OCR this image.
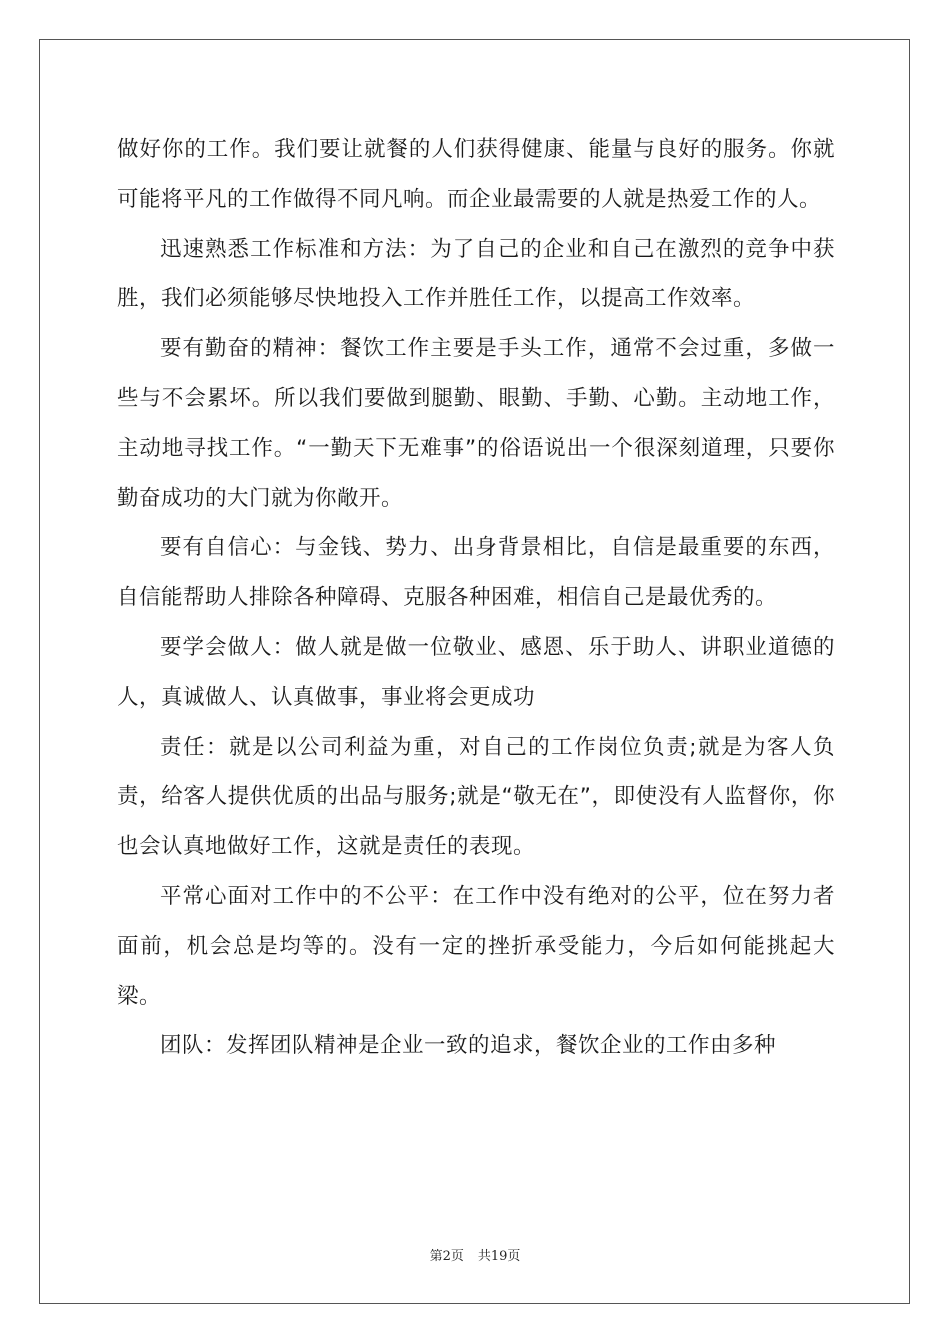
做好你的工作。我们要让就餐的人们获得健康、能量与良好的服务。你就可能将平凡的工作做得不同凡响。而企业最需要的人就是热爱工作的人。

迅速熟悉工作标准和方法：为了自己的企业和自己在激烈的竞争中获胜，我们必须能够尽快地投入工作并胜任工作，以提高工作效率。

要有勤奋的精神：餐饮工作主要是手头工作，通常不会过重，多做一些与不会累坏。所以我们要做到腿勤、眼勤、手勤、心勤。主动地工作，主动地寻找工作。“一勤天下无难事”的俗语说出一个很深刻道理，只要你勤奋成功的大门就为你敞开。

要有自信心：与金钱、势力、出身背景相比，自信是最重要的东西，自信能帮助人排除各种障碍、克服各种困难，相信自己是最优秀的。

要学会做人：做人就是做一位敬业、感恩、乐于助人、讲职业道德的人，真诚做人、认真做事，事业将会更成功

责任：就是以公司利益为重，对自己的工作岗位负责;就是为客人负责，给客人提供优质的出品与服务;就是“敬无在”，即使没有人监督你，你也会认真地做好工作，这就是责任的表现。

平常心面对工作中的不公平：在工作中没有绝对的公平，位在努力者面前，机会总是均等的。没有一定的挫折承受能力，今后如何能挑起大梁。

团队：发挥团队精神是企业一致的追求，餐饮企业的工作由多种

第2页 共19页
